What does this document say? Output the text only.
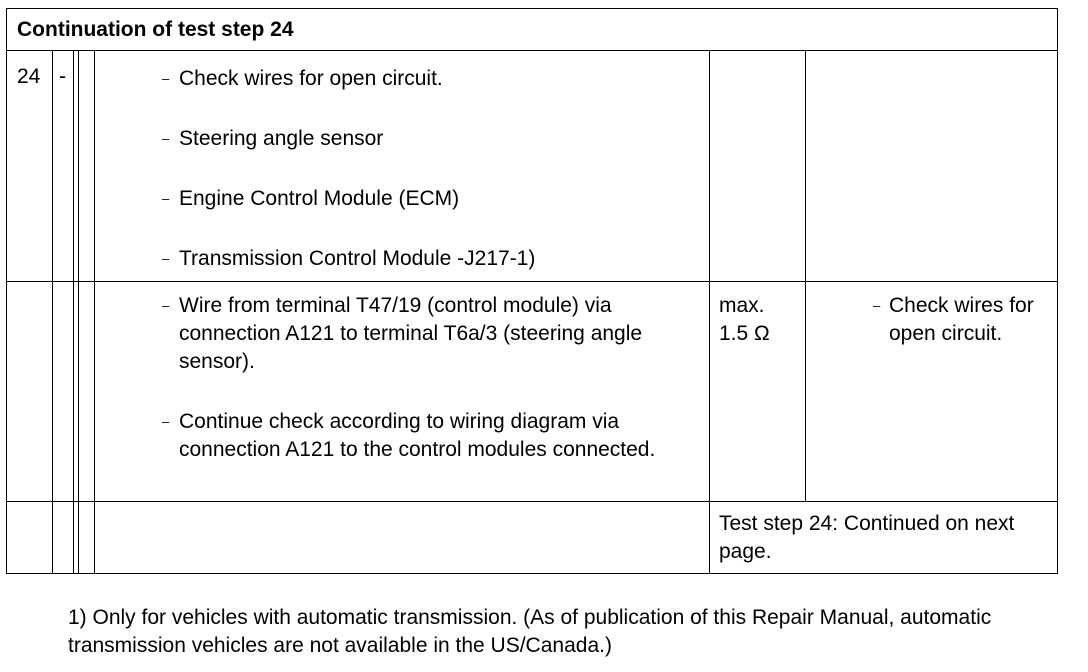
Continuation of test step 24
24 -	– Check wires for open circuit.
– Steering angle sensor
– Engine Control Module (ECM)
– Transmission Control Module -J217-1)
– Wire from terminal T47/19 (control module) via connection A121 to terminal T6a/3 (steering angle sensor).
– Continue check according to wiring diagram via connection A121 to the control modules connected.
max. 1.5 Ω
– Check wires for open circuit.
Test step 24: Continued on next page.
1) Only for vehicles with automatic transmission. (As of publication of this Repair Manual, automatic transmission vehicles are not available in the US/Canada.)
